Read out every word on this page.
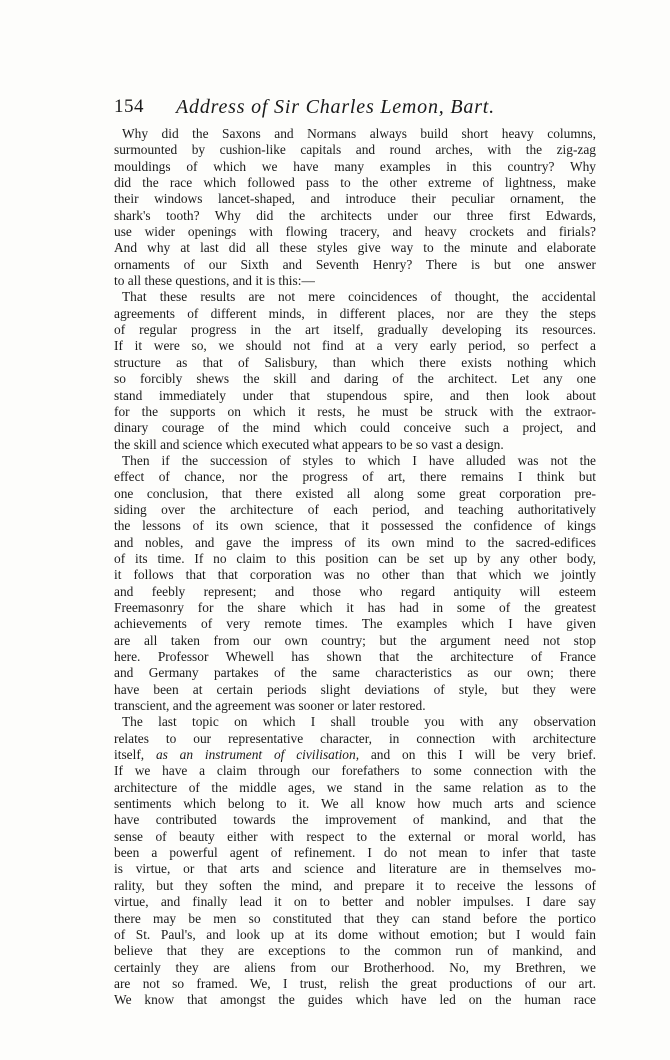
154 Address of Sir Charles Lemon, Bart.
Why did the Saxons and Normans always build short heavy columns,
surmounted by cushion-like capitals and round arches, with the zig-zag
mouldings of which we have many examples in this country? Why
did the race which followed pass to the other extreme of lightness, make
their windows lancet-shaped, and introduce their peculiar ornament, the
shark's tooth? Why did the architects under our three first Edwards,
use wider openings with flowing tracery, and heavy crockets and firials?
And why at last did all these styles give way to the minute and elaborate
ornaments of our Sixth and Seventh Henry? There is but one answer
to all these questions, and it is this:—
That these results are not mere coincidences of thought, the accidental
agreements of different minds, in different places, nor are they the steps
of regular progress in the art itself, gradually developing its resources.
If it were so, we should not find at a very early period, so perfect a
structure as that of Salisbury, than which there exists nothing which
so forcibly shews the skill and daring of the architect. Let any one
stand immediately under that stupendous spire, and then look about
for the supports on which it rests, he must be struck with the extraor-
dinary courage of the mind which could conceive such a project, and
the skill and science which executed what appears to be so vast a design.
Then if the succession of styles to which I have alluded was not the
effect of chance, nor the progress of art, there remains I think but
one conclusion, that there existed all along some great corporation pre-
siding over the architecture of each period, and teaching authoritatively
the lessons of its own science, that it possessed the confidence of kings
and nobles, and gave the impress of its own mind to the sacred-edifices
of its time. If no claim to this position can be set up by any other body,
it follows that that corporation was no other than that which we jointly
and feebly represent; and those who regard antiquity will esteem
Freemasonry for the share which it has had in some of the greatest
achievements of very remote times. The examples which I have given
are all taken from our own country; but the argument need not stop
here. Professor Whewell has shown that the architecture of France
and Germany partakes of the same characteristics as our own; there
have been at certain periods slight deviations of style, but they were
transcient, and the agreement was sooner or later restored.
The last topic on which I shall trouble you with any observation
relates to our representative character, in connection with architecture
itself, as an instrument of civilisation, and on this I will be very brief.
If we have a claim through our forefathers to some connection with the
architecture of the middle ages, we stand in the same relation as to the
sentiments which belong to it. We all know how much arts and science
have contributed towards the improvement of mankind, and that the
sense of beauty either with respect to the external or moral world, has
been a powerful agent of refinement. I do not mean to infer that taste
is virtue, or that arts and science and literature are in themselves mo-
rality, but they soften the mind, and prepare it to receive the lessons of
virtue, and finally lead it on to better and nobler impulses. I dare say
there may be men so constituted that they can stand before the portico
of St. Paul's, and look up at its dome without emotion; but I would fain
believe that they are exceptions to the common run of mankind, and
certainly they are aliens from our Brotherhood. No, my Brethren, we
are not so framed. We, I trust, relish the great productions of our art.
We know that amongst the guides which have led on the human race
